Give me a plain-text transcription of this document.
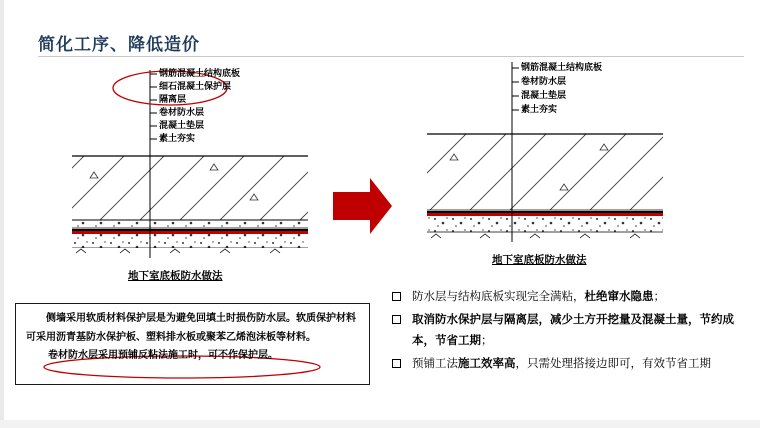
简化工序、降低造价
钢筋混凝土结构底板
细石混凝土保护层
隔离层
卷材防水层
混凝土垫层
素土夯实
地下室底板防水做法
钢筋混凝土结构底板
卷材防水层
混凝土垫层
素土夯实
地下室底板防水做法

侧墙采用软质材料保护层是为避免回填土时损伤防水层。软质保护材料可采用沥青基防水保护板、塑料排水板或聚苯乙烯泡沫板等材料。

卷材防水层采用预铺反粘法施工时，可不作保护层。

防水层与结构底板实现完全满粘，杜绝窜水隐患；
取消防水保护层与隔离层，减少土方开挖量及混凝土量，节约成本，节省工期；
预铺工法施工效率高，只需处理搭接边即可，有效节省工期
